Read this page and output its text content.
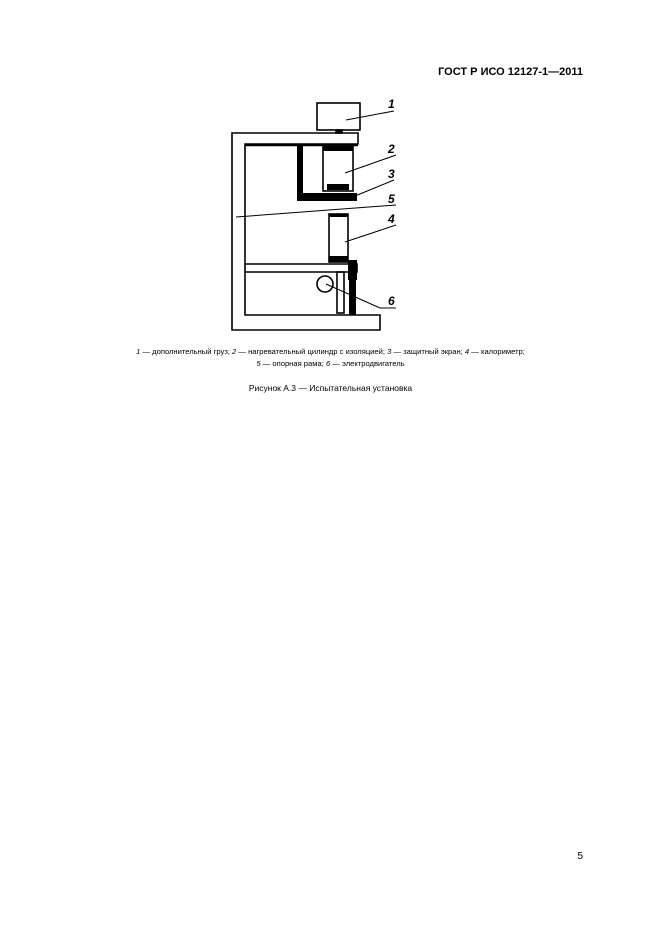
ГОСТ Р ИСО 12127-1—2011
1
2
3
5
4
6
1 — дополнительный груз; 2 — нагревательный цилиндр с изоляцией; 3 — защитный экран; 4 — калориметр;
5 — опорная рама; 6 — электродвигатель
Рисунок А.3 — Испытательная установка
5
